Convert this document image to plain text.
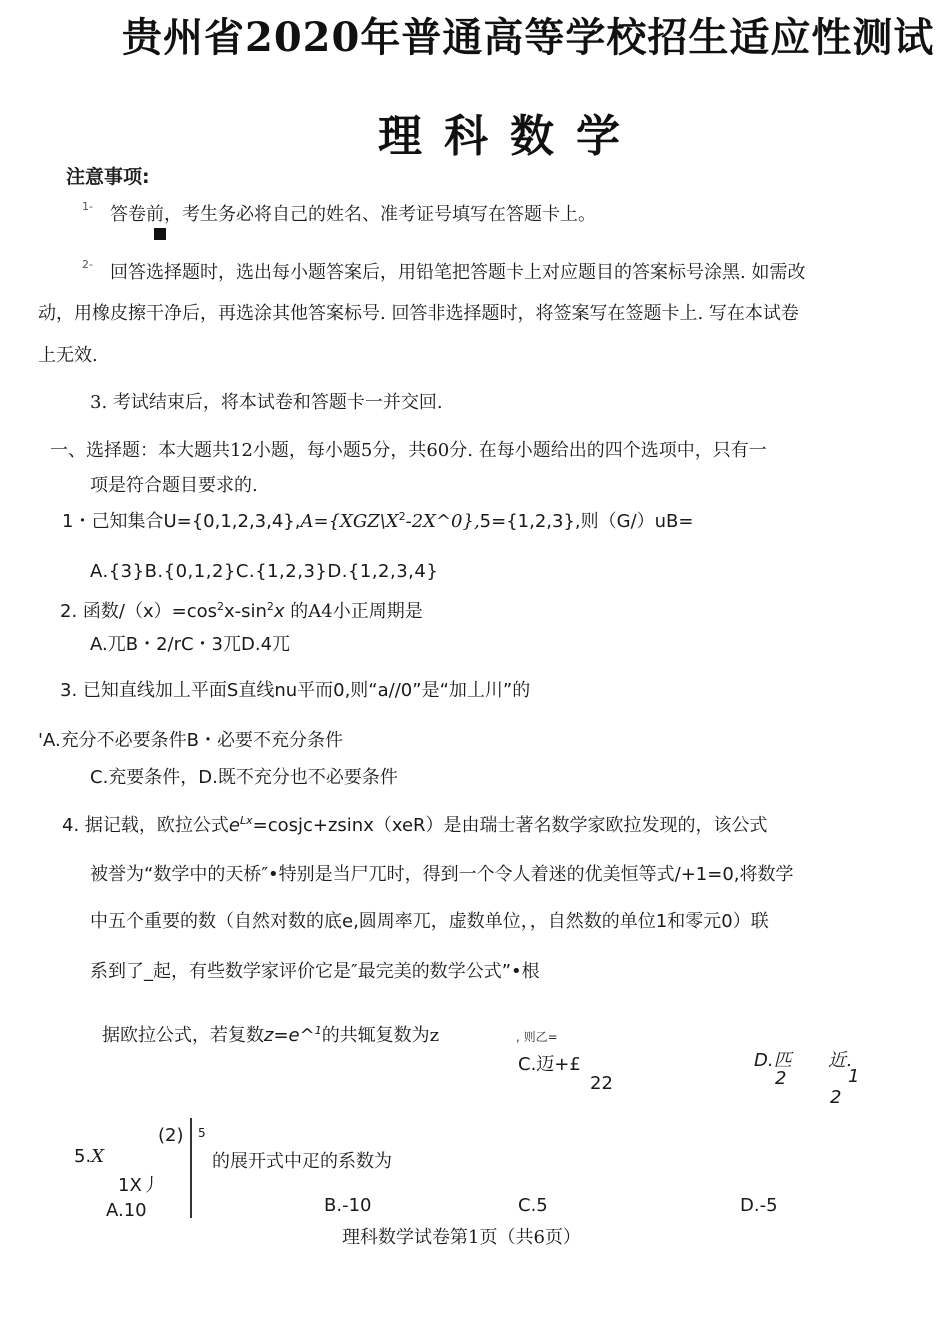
贵州省2020年普通高等学校招生适应性测试
理科数学
注意事项:
1- 答卷前，考生务必将自己的姓名、准考证号填写在答题卡上。
2- 回答选择题时，选出每小题答案后，用铅笔把答题卡上对应题目的答案标号涂黑. 如需改
动，用橡皮擦干净后，再选涂其他答案标号. 回答非选择题时，将签案写在签题卡上. 写在本试卷
上无效.
3. 考试结束后，将本试卷和答题卡一并交回.
一、选择题：本大题共12小题，每小题5分，共60分. 在每小题给出的四个选项中，只有一
项是符合题目要求的.
1・己知集合$U=\{0,1,2,3,4\},A=\{XGZ\backslash X^2-2X\^{}0\},5=\{1,2,3\}$,则（G/）uB=
A.{3}B.{0,1,2}C.{1,2,3}D.{1,2,3,4}
2. 函数$/(x)=\cos^2x-\sin^2x$ 的A4小正周期是
A.兀B・2/rC・3兀D.4兀
3. 已知直线加丄平面S直线nu平而0,则“a//0”是“加丄川”的
'A.充分不必要条件B・必要不充分条件
C.充要条件，D.既不充分也不必要条件
4. 据记载，欧拉公式$e^{Lx}=cosjc+zsinx(xeR)$是由瑞士著名数学家欧拉发现的，该公式
被誉为“数学中的天桥″•特别是当尸兀时，得到一个令人着迷的优美恒等式/+1=0,将数学
中五个重要的数（自然对数的底e,圆周率兀，虚数单位，，自然数的单位1和零元0）联
系到了_起，有些数学家评价它是″最完美的数学公式”•根
据欧拉公式，若复数z=e^$^1$的共辄复数为z	, 则乙=
C.迈+£
22
D.匹
2
近.
1
2
(2) 5
5.X	的展开式中疋的系数为
1X丿
A.10	B.-10	C.5	D.-5
理科数学试卷第1页（共6页）
